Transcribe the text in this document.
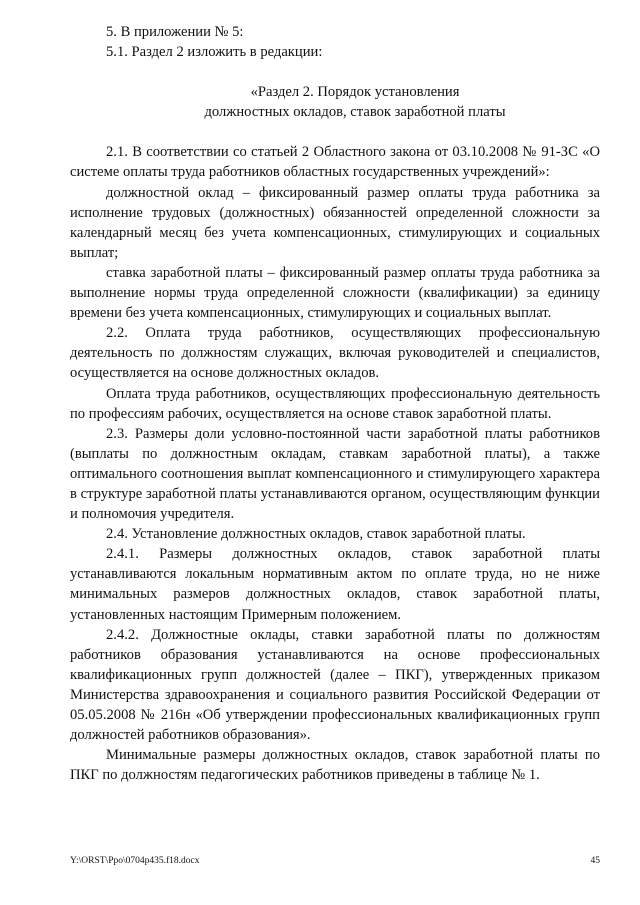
5. В приложении № 5:

5.1. Раздел 2 изложить в редакции:

«Раздел 2. Порядок установления
должностных окладов, ставок заработной платы

2.1. В соответствии со статьей 2 Областного закона от 03.10.2008 № 91-ЗС «О системе оплаты труда работников областных государственных учреждений»:

должностной оклад – фиксированный размер оплаты труда работника за исполнение трудовых (должностных) обязанностей определенной сложности за календарный месяц без учета компенсационных, стимулирующих и социальных выплат;

ставка заработной платы – фиксированный размер оплаты труда работника за выполнение нормы труда определенной сложности (квалификации) за единицу времени без учета компенсационных, стимулирующих и социальных выплат.

2.2. Оплата труда работников, осуществляющих профессиональную деятельность по должностям служащих, включая руководителей и специалистов, осуществляется на основе должностных окладов.

Оплата труда работников, осуществляющих профессиональную деятельность по профессиям рабочих, осуществляется на основе ставок заработной платы.

2.3. Размеры доли условно-постоянной части заработной платы работников (выплаты по должностным окладам, ставкам заработной платы), а также оптимального соотношения выплат компенсационного и стимулирующего характера в структуре заработной платы устанавливаются органом, осуществляющим функции и полномочия учредителя.

2.4. Установление должностных окладов, ставок заработной платы.

2.4.1. Размеры должностных окладов, ставок заработной платы устанавливаются локальным нормативным актом по оплате труда, но не ниже минимальных размеров должностных окладов, ставок заработной платы, установленных настоящим Примерным положением.

2.4.2. Должностные оклады, ставки заработной платы по должностям работников образования устанавливаются на основе профессиональных квалификационных групп должностей (далее – ПКГ), утвержденных приказом Министерства здравоохранения и социального развития Российской Федерации от 05.05.2008 № 216н «Об утверждении профессиональных квалификационных групп должностей работников образования».

Минимальные размеры должностных окладов, ставок заработной платы по ПКГ по должностям педагогических работников приведены в таблице № 1.

Y:\ORST\Ppo\0704p435.f18.docx	45
